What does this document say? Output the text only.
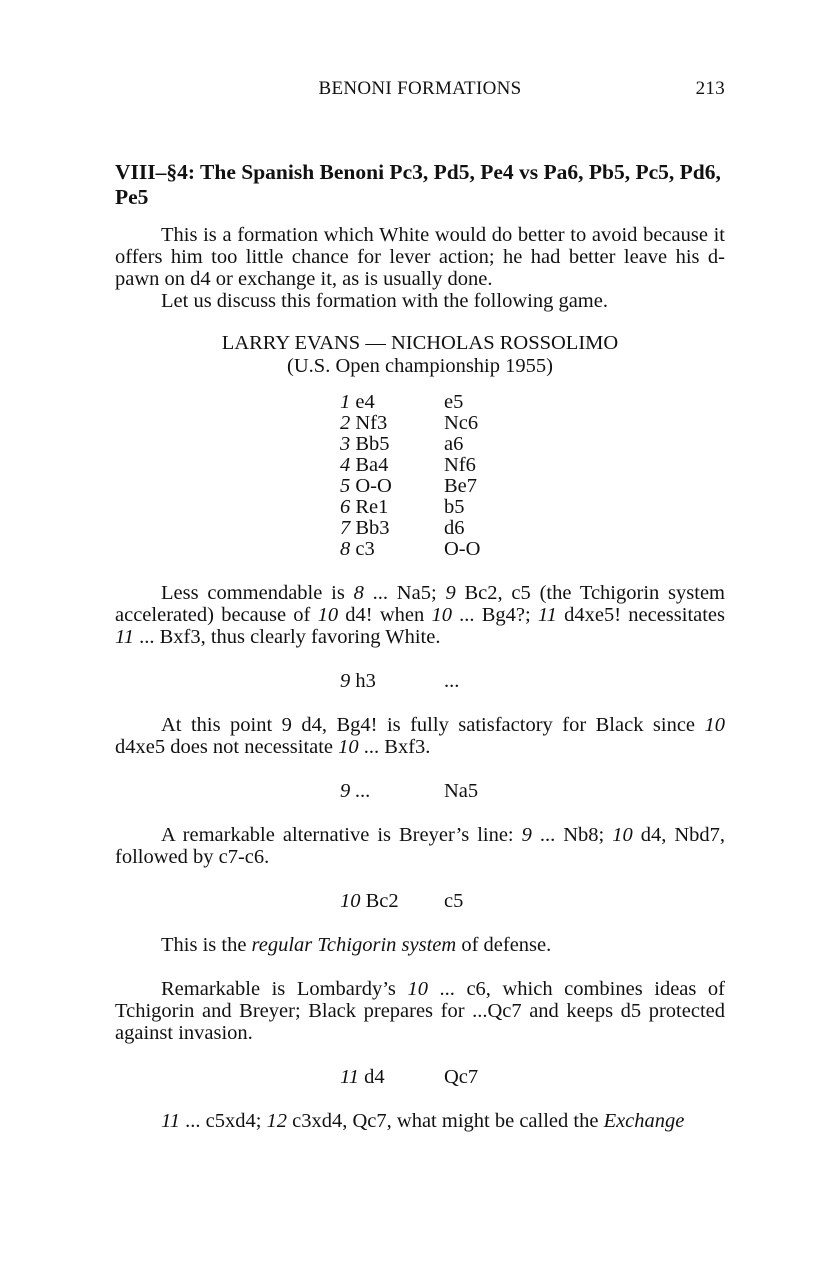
BENONI FORMATIONS	213
VIII–§4: The Spanish Benoni Pc3, Pd5, Pe4 vs Pa6, Pb5, Pc5, Pd6, Pe5

This is a formation which White would do better to avoid because it offers him too little chance for lever action; he had better leave his d-pawn on d4 or exchange it, as is usually done.

Let us discuss this formation with the following game.

LARRY EVANS — NICHOLAS ROSSOLIMO
(U.S. Open championship 1955)
1 e4	e5
2 Nf3	Nc6
3 Bb5	a6
4 Ba4	Nf6
5 O-O	Be7
6 Re1	b5
7 Bb3	d6
8 c3	O-O

Less commendable is 8 ... Na5; 9 Bc2, c5 (the Tchigorin system accelerated) because of 10 d4! when 10 ... Bg4?; 11 d4xe5! necessitates 11 ... Bxf3, thus clearly favoring White.

9 h3	...

At this point 9 d4, Bg4! is fully satisfactory for Black since 10 d4xe5 does not necessitate 10 ... Bxf3.

9 ...	Na5

A remarkable alternative is Breyer’s line: 9 ... Nb8; 10 d4, Nbd7, followed by c7-c6.

10 Bc2	c5

This is the regular Tchigorin system of defense.

Remarkable is Lombardy’s 10 ... c6, which combines ideas of Tchigorin and Breyer; Black prepares for ...Qc7 and keeps d5 protected against invasion.

11 d4	Qc7

11 ... c5xd4; 12 c3xd4, Qc7, what might be called the Exchange
